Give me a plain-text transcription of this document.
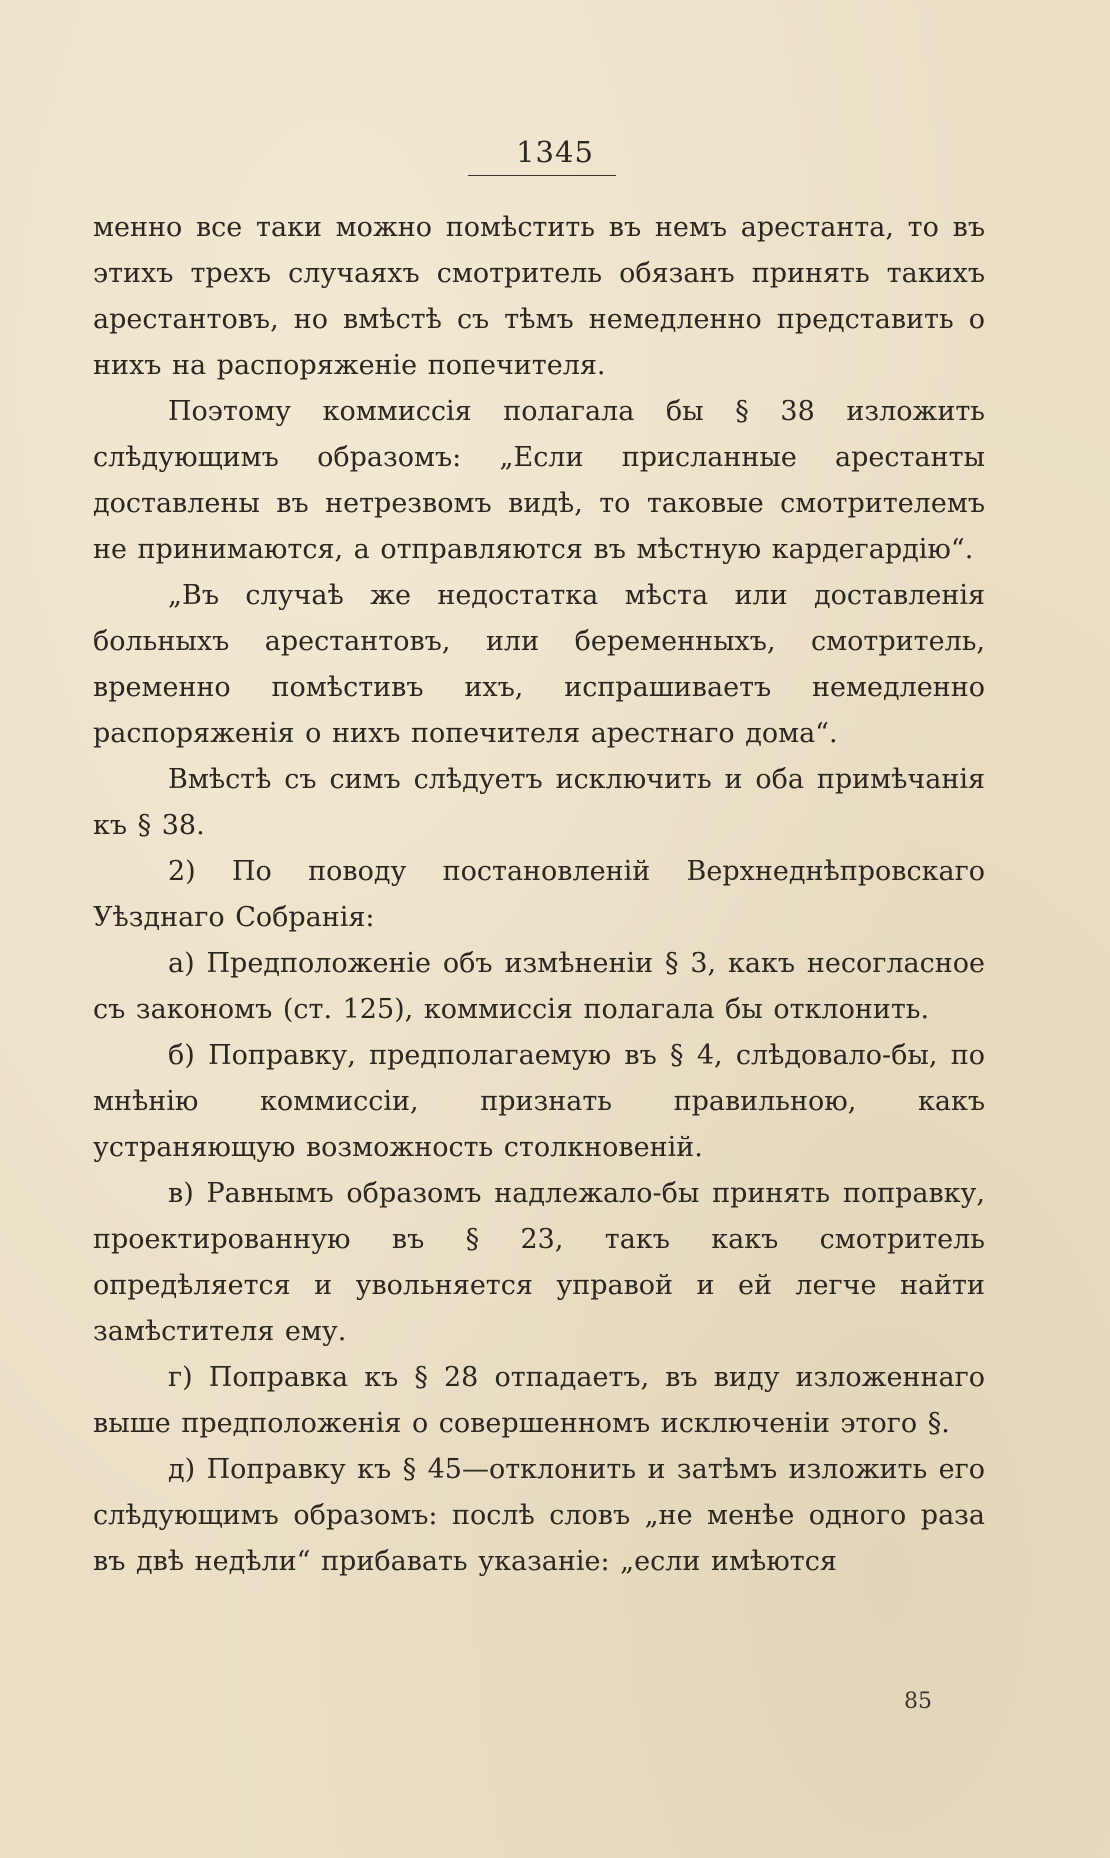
1345

менно все таки можно помѣстить въ немъ арестанта, то въ этихъ трехъ случаяхъ смотритель обязанъ принять такихъ арестантовъ, но вмѣстѣ съ тѣмъ немедленно представить о нихъ на распоряженіе попечителя.

Поэтому коммиссія полагала бы § 38 изложить слѣдующимъ образомъ: „Если присланные арестанты доставлены въ нетрезвомъ видѣ, то таковые смотрителемъ не принимаются, а отправляются въ мѣстную кардегардію“.

„Въ случаѣ же недостатка мѣста или доставленія больныхъ арестантовъ, или беременныхъ, смотритель, временно помѣстивъ ихъ, испрашиваетъ немедленно распоряженія о нихъ попечителя арестнаго дома“.

Вмѣстѣ съ симъ слѣдуетъ исключить и оба примѣчанія къ § 38.

2) По поводу постановленій Верхнеднѣпровскаго Уѣзднаго Собранія:

а) Предположеніе объ измѣненіи § 3, какъ несогласное съ закономъ (ст. 125), коммиссія полагала бы отклонить.

б) Поправку, предполагаемую въ § 4, слѣдовало-бы, по мнѣнію коммиссіи, признать правильною, какъ устраняющую возможность столкновеній.

в) Равнымъ образомъ надлежало-бы принять поправку, проектированную въ § 23, такъ какъ смотритель опредѣляется и увольняется управой и ей легче найти замѣстителя ему.

г) Поправка къ § 28 отпадаетъ, въ виду изложеннаго выше предположенія о совершенномъ исключеніи этого §.

д) Поправку къ § 45—отклонить и затѣмъ изложить его слѣдующимъ образомъ: послѣ словъ „не менѣе одного раза въ двѣ недѣли“ прибавать указаніе: „если имѣются

85
